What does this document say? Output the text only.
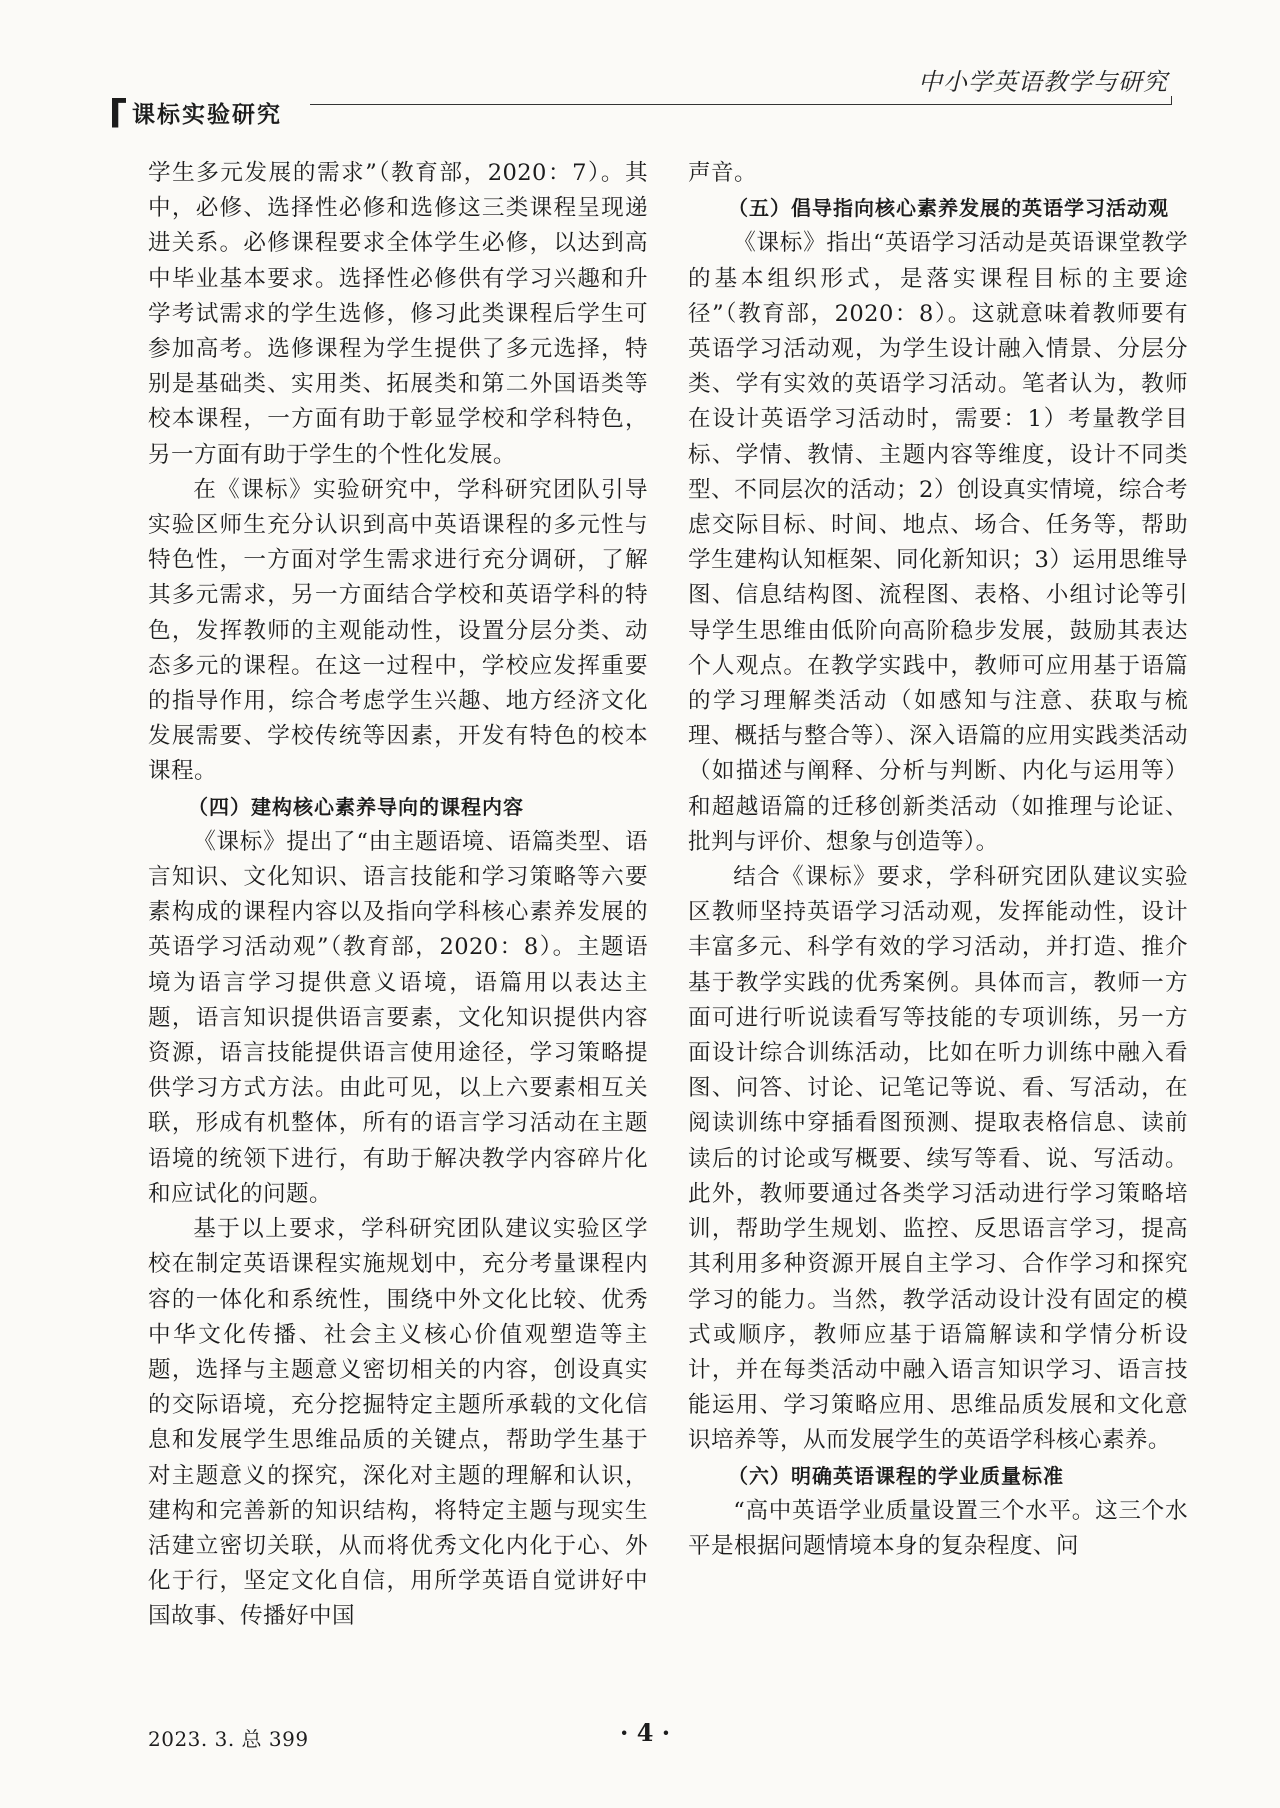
中小学英语教学与研究
课标实验研究

学生多元发展的需求”（教育部，2020：7）。其中，必修、选择性必修和选修这三类课程呈现递进关系。必修课程要求全体学生必修，以达到高中毕业基本要求。选择性必修供有学习兴趣和升学考试需求的学生选修，修习此类课程后学生可参加高考。选修课程为学生提供了多元选择，特别是基础类、实用类、拓展类和第二外国语类等校本课程，一方面有助于彰显学校和学科特色，另一方面有助于学生的个性化发展。

在《课标》实验研究中，学科研究团队引导实验区师生充分认识到高中英语课程的多元性与特色性，一方面对学生需求进行充分调研，了解其多元需求，另一方面结合学校和英语学科的特色，发挥教师的主观能动性，设置分层分类、动态多元的课程。在这一过程中，学校应发挥重要的指导作用，综合考虑学生兴趣、地方经济文化发展需要、学校传统等因素，开发有特色的校本课程。

（四）建构核心素养导向的课程内容

《课标》提出了“由主题语境、语篇类型、语言知识、文化知识、语言技能和学习策略等六要素构成的课程内容以及指向学科核心素养发展的英语学习活动观”（教育部，2020：8）。主题语境为语言学习提供意义语境，语篇用以表达主题，语言知识提供语言要素，文化知识提供内容资源，语言技能提供语言使用途径，学习策略提供学习方式方法。由此可见，以上六要素相互关联，形成有机整体，所有的语言学习活动在主题语境的统领下进行，有助于解决教学内容碎片化和应试化的问题。

基于以上要求，学科研究团队建议实验区学校在制定英语课程实施规划中，充分考量课程内容的一体化和系统性，围绕中外文化比较、优秀中华文化传播、社会主义核心价值观塑造等主题，选择与主题意义密切相关的内容，创设真实的交际语境，充分挖掘特定主题所承载的文化信息和发展学生思维品质的关键点，帮助学生基于对主题意义的探究，深化对主题的理解和认识，建构和完善新的知识结构，将特定主题与现实生活建立密切关联，从而将优秀文化内化于心、外化于行，坚定文化自信，用所学英语自觉讲好中国故事、传播好中国

声音。

（五）倡导指向核心素养发展的英语学习活动观

《课标》指出“英语学习活动是英语课堂教学的基本组织形式，是落实课程目标的主要途径”（教育部，2020：8）。这就意味着教师要有英语学习活动观，为学生设计融入情景、分层分类、学有实效的英语学习活动。笔者认为，教师在设计英语学习活动时，需要：1）考量教学目标、学情、教情、主题内容等维度，设计不同类型、不同层次的活动；2）创设真实情境，综合考虑交际目标、时间、地点、场合、任务等，帮助学生建构认知框架、同化新知识；3）运用思维导图、信息结构图、流程图、表格、小组讨论等引导学生思维由低阶向高阶稳步发展，鼓励其表达个人观点。在教学实践中，教师可应用基于语篇的学习理解类活动（如感知与注意、获取与梳理、概括与整合等）、深入语篇的应用实践类活动（如描述与阐释、分析与判断、内化与运用等）和超越语篇的迁移创新类活动（如推理与论证、批判与评价、想象与创造等）。

结合《课标》要求，学科研究团队建议实验区教师坚持英语学习活动观，发挥能动性，设计丰富多元、科学有效的学习活动，并打造、推介基于教学实践的优秀案例。具体而言，教师一方面可进行听说读看写等技能的专项训练，另一方面设计综合训练活动，比如在听力训练中融入看图、问答、讨论、记笔记等说、看、写活动，在阅读训练中穿插看图预测、提取表格信息、读前读后的讨论或写概要、续写等看、说、写活动。此外，教师要通过各类学习活动进行学习策略培训，帮助学生规划、监控、反思语言学习，提高其利用多种资源开展自主学习、合作学习和探究学习的能力。当然，教学活动设计没有固定的模式或顺序，教师应基于语篇解读和学情分析设计，并在每类活动中融入语言知识学习、语言技能运用、学习策略应用、思维品质发展和文化意识培养等，从而发展学生的英语学科核心素养。

（六）明确英语课程的学业质量标准

“高中英语学业质量设置三个水平。这三个水平是根据问题情境本身的复杂程度、问

2023. 3. 总 399	· 4 ·
